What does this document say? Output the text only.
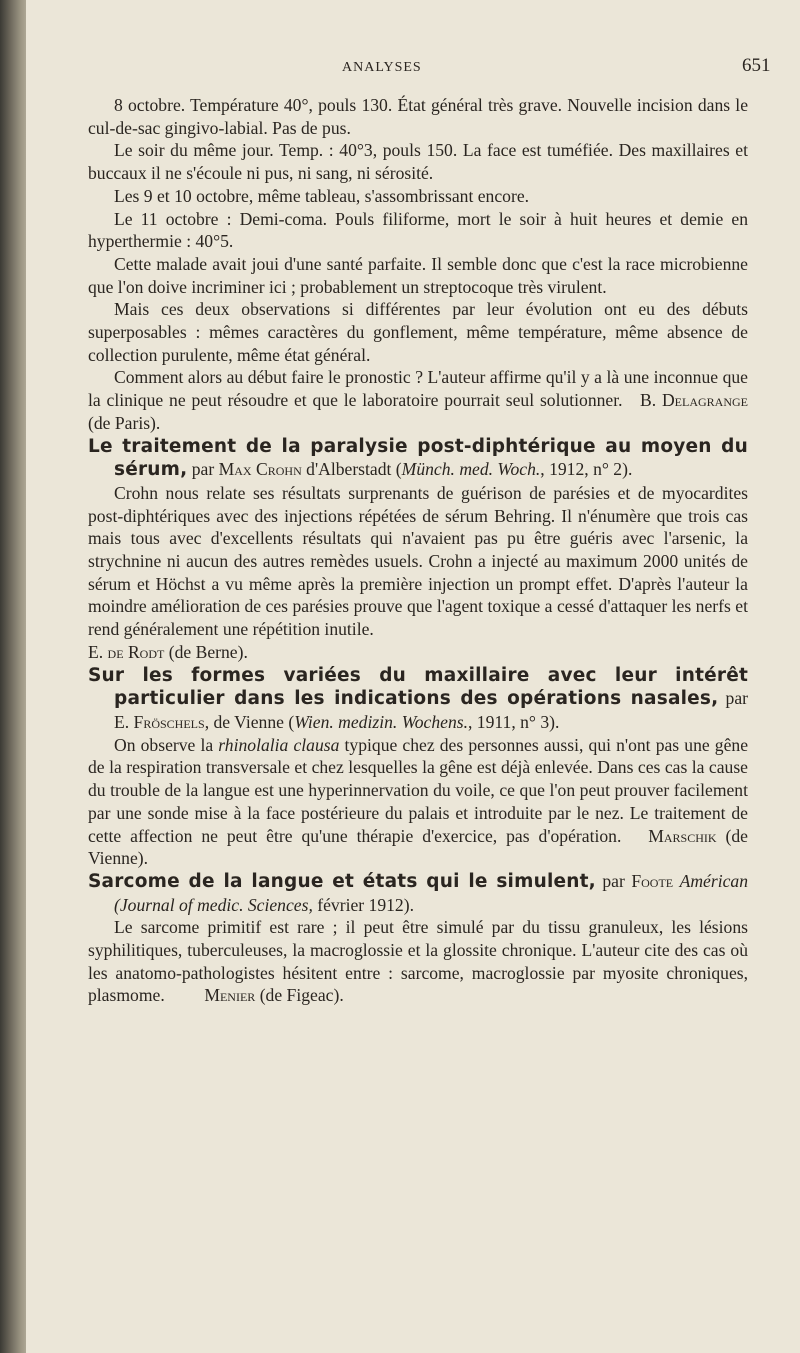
ANALYSES	651

8 octobre. Température 40°, pouls 130. État général très grave. Nouvelle incision dans le cul-de-sac gingivo-labial. Pas de pus.

Le soir du même jour. Temp. : 40°3, pouls 150. La face est tuméfiée. Des maxillaires et buccaux il ne s'écoule ni pus, ni sang, ni sérosité.

Les 9 et 10 octobre, même tableau, s'assombrissant encore.

Le 11 octobre : Demi-coma. Pouls filiforme, mort le soir à huit heures et demie en hyperthermie : 40°5.

Cette malade avait joui d'une santé parfaite. Il semble donc que c'est la race microbienne que l'on doive incriminer ici ; probablement un streptocoque très virulent.

Mais ces deux observations si différentes par leur évolution ont eu des débuts superposables : mêmes caractères du gonflement, même température, même absence de collection purulente, même état général.

Comment alors au début faire le pronostic ? L'auteur affirme qu'il y a là une inconnue que la clinique ne peut résoudre et que le laboratoire pourrait seul solutionner. B. Delagrange (de Paris).

Le traitement de la paralysie post-diphtérique au moyen du sérum, par Max Crohn d'Alberstadt (Münch. med. Woch., 1912, n° 2).

Crohn nous relate ses résultats surprenants de guérison de parésies et de myocardites post-diphtériques avec des injections répétées de sérum Behring. Il n'énumère que trois cas mais tous avec d'excellents résultats qui n'avaient pas pu être guéris avec l'arsenic, la strychnine ni aucun des autres remèdes usuels. Crohn a injecté au maximum 2000 unités de sérum et Höchst a vu même après la première injection un prompt effet. D'après l'auteur la moindre amélioration de ces parésies prouve que l'agent toxique a cessé d'attaquer les nerfs et rend généralement une répétition inutile.

E. de Rodt (de Berne).

Sur les formes variées du maxillaire avec leur intérêt particulier dans les indications des opérations nasales, par E. Fröschels, de Vienne (Wien. medizin. Wochens., 1911, n° 3).

On observe la rhinolalia clausa typique chez des personnes aussi, qui n'ont pas une gêne de la respiration transversale et chez lesquelles la gêne est déjà enlevée. Dans ces cas la cause du trouble de la langue est une hyperinnervation du voile, ce que l'on peut prouver facilement par une sonde mise à la face postérieure du palais et introduite par le nez. Le traitement de cette affection ne peut être qu'une thérapie d'exercice, pas d'opération. Marschik (de Vienne).

Sarcome de la langue et états qui le simulent, par Foote Américan (Journal of medic. Sciences, février 1912).

Le sarcome primitif est rare ; il peut être simulé par du tissu granuleux, les lésions syphilitiques, tuberculeuses, la macroglossie et la glossite chronique. L'auteur cite des cas où les anatomo-pathologistes hésitent entre : sarcome, macroglossie par myosite chroniques, plasmome. Menier (de Figeac).
